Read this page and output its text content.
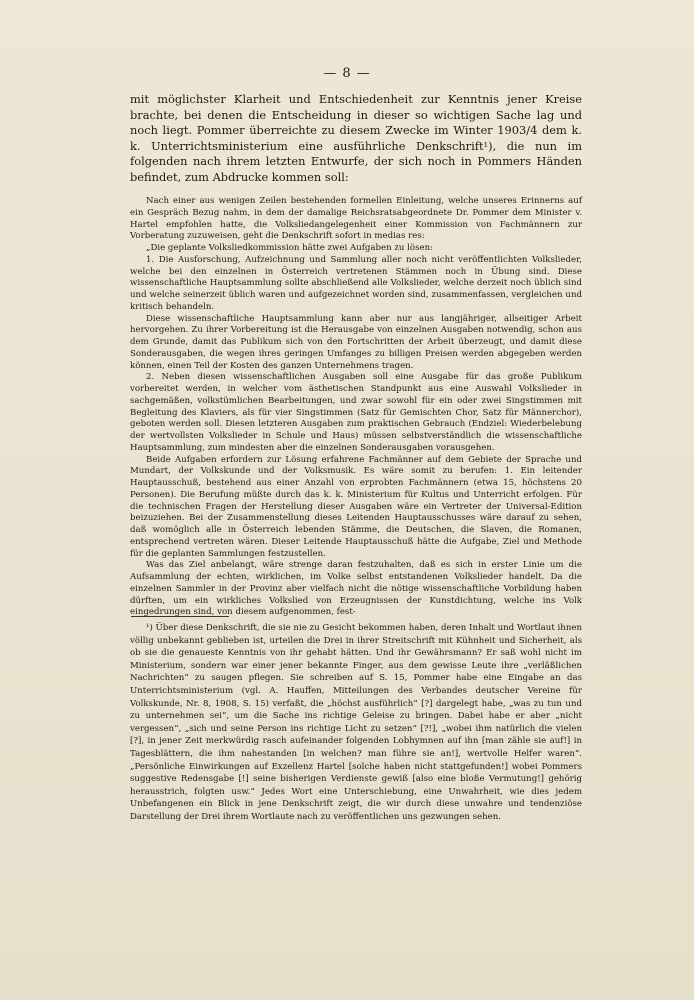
— 8 —

mit möglichster Klarheit und Entschiedenheit zur Kenntnis jener Kreise brachte, bei denen die Entscheidung in dieser so wichtigen Sache lag und noch liegt. Pommer überreichte zu diesem Zwecke im Winter 1903/4 dem k. k. Unterrichtsministerium eine ausführliche Denkschrift¹), die nun im folgenden nach ihrem letzten Entwurfe, der sich noch in Pommers Händen befindet, zum Abdrucke kommen soll:

Nach einer aus wenigen Zeilen bestehenden formellen Einleitung, welche unseres Erinnerns auf ein Gespräch Bezug nahm, in dem der damalige Reichsratsabgeordnete Dr. Pommer dem Minister v. Hartel empfohlen hatte, die Volksliedangelegenheit einer Kommission von Fachmännern zur Vorberatung zuzuweisen, geht die Denkschrift sofort in medias res:

„Die geplante Volksliedkommission hätte zwei Aufgaben zu lösen:

1. Die Ausforschung, Aufzeichnung und Sammlung aller noch nicht veröffentlichten Volkslieder, welche bei den einzelnen in Österreich vertretenen Stämmen noch in Übung sind. Diese wissenschaftliche Hauptsammlung sollte abschließend alle Volkslieder, welche derzeit noch üblich sind und welche seinerzeit üblich waren und aufgezeichnet worden sind, zusammenfassen, vergleichen und kritisch behandeln.

Diese wissenschaftliche Hauptsammlung kann aber nur aus langjähriger, allseitiger Arbeit hervorgehen. Zu ihrer Vorbereitung ist die Herausgabe von einzelnen Ausgaben notwendig, schon aus dem Grunde, damit das Publikum sich von den Fortschritten der Arbeit überzeugt, und damit diese Sonderausgaben, die wegen ihres geringen Umfanges zu billigen Preisen werden abgegeben werden können, einen Teil der Kosten des ganzen Unternehmens tragen.

2. Neben diesen wissenschaftlichen Ausgaben soll eine Ausgabe für das große Publikum vorbereitet werden, in welcher vom ästhetischen Standpunkt aus eine Auswahl Volkslieder in sachgemäßen, volkstümlichen Bearbeitungen, und zwar sowohl für ein oder zwei Singstimmen mit Begleitung des Klaviers, als für vier Singstimmen (Satz für Gemischten Chor, Satz für Männerchor), geboten werden soll. Diesen letzteren Ausgaben zum praktischen Gebrauch (Endziel: Wiederbelebung der wertvollsten Volkslieder in Schule und Haus) müssen selbstverständlich die wissenschaftliche Hauptsammlung, zum mindesten aber die einzelnen Sonderausgaben vorausgehen.

Beide Aufgaben erfordern zur Lösung erfahrene Fachmänner auf dem Gebiete der Sprache und Mundart, der Volkskunde und der Volksmusik. Es wäre somit zu berufen: 1. Ein leitender Hauptausschuß, bestehend aus einer Anzahl von erprobten Fachmännern (etwa 15, höchstens 20 Personen). Die Berufung müßte durch das k. k. Ministerium für Kultus und Unterricht erfolgen. Für die technischen Fragen der Herstellung dieser Ausgaben wäre ein Vertreter der Universal-Edition beizuziehen. Bei der Zusammenstellung dieses Leitenden Hauptausschusses wäre darauf zu sehen, daß womöglich alle in Österreich lebenden Stämme, die Deutschen, die Slaven, die Romanen, entsprechend vertreten wären. Dieser Leitende Hauptausschuß hätte die Aufgabe, Ziel und Methode für die geplanten Sammlungen festzustellen.

Was das Ziel anbelangt, wäre strenge daran festzuhalten, daß es sich in erster Linie um die Aufsammlung der echten, wirklichen, im Volke selbst entstandenen Volkslieder handelt. Da die einzelnen Sammler in der Provinz aber vielfach nicht die nötige wissenschaftliche Vorbildung haben dürften, um ein wirkliches Volkslied von Erzeugnissen der Kunstdichtung, welche ins Volk eingedrungen sind, von diesem aufgenommen, fest-

¹) Über diese Denkschrift, die sie nie zu Gesicht bekommen haben, deren Inhalt und Wortlaut ihnen völlig unbekannt geblieben ist, urteilen die Drei in ihrer Streitschrift mit Kühnheit und Sicherheit, als ob sie die genaueste Kenntnis von ihr gehabt hätten. Und ihr Gewährsmann? Er saß wohl nicht im Ministerium, sondern war einer jener bekannte Finger, aus dem gewisse Leute ihre „verläßlichen Nachrichten“ zu saugen pflegen. Sie schreiben auf S. 15, Pommer habe eine Eingabe an das Unterrichtsministerium (vgl. A. Hauffen, Mitteilungen des Verbandes deutscher Vereine für Volkskunde, Nr. 8, 1908, S. 15) verfaßt, die „höchst ausführlich“ [?] dargelegt habe, „was zu tun und zu unternehmen sei“, um die Sache ins richtige Geleise zu bringen. Dabei habe er aber „nicht vergessen“, „sich und seine Person ins richtige Licht zu setzen“ [?!], „wobei ihm natürlich die vielen [?], in jener Zeit merkwürdig rasch aufeinander folgenden Lobhymnen auf ihn [man zähle sie auf!] in Tagesblättern, die ihm nahestanden [in welchen? man führe sie an!], wertvolle Helfer waren“. „Persönliche Einwirkungen auf Exzellenz Hartel [solche haben nicht stattgefunden!] wobei Pommers suggestive Redensgabe [!] seine bisherigen Verdienste gewiß [also eine bloße Vermutung!] gehörig herausstrich, folgten usw.“ Jedes Wort eine Unterschiebung, eine Unwahrheit, wie dies jedem Unbefangenen ein Blick in jene Denkschrift zeigt, die wir durch diese unwahre und tendenziöse Darstellung der Drei ihrem Wortlaute nach zu veröffentlichen uns gezwungen sehen.
